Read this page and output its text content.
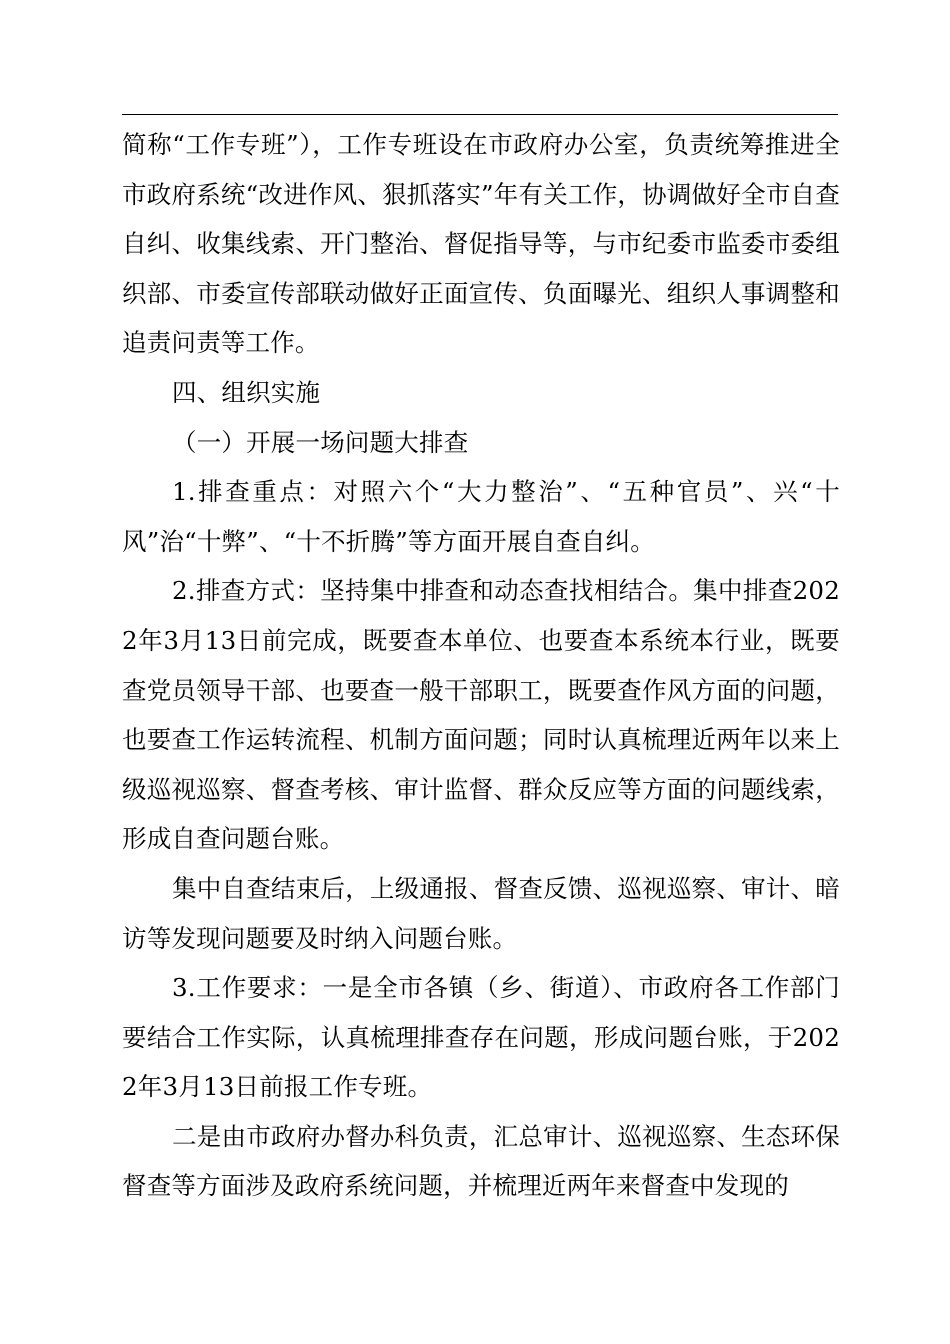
简称“工作专班”），工作专班设在市政府办公室，负责统筹推进全市政府系统“改进作风、狠抓落实”年有关工作，协调做好全市自查自纠、收集线索、开门整治、督促指导等，与市纪委市监委市委组织部、市委宣传部联动做好正面宣传、负面曝光、组织人事调整和追责问责等工作。

四、组织实施

（一）开展一场问题大排查

1.排查重点：对照六个“大力整治”、“五种官员”、兴“十风”治“十弊”、“十不折腾”等方面开展自查自纠。

2.排查方式：坚持集中排查和动态查找相结合。集中排查2022年3月13日前完成，既要查本单位、也要查本系统本行业，既要查党员领导干部、也要查一般干部职工，既要查作风方面的问题，也要查工作运转流程、机制方面问题；同时认真梳理近两年以来上级巡视巡察、督查考核、审计监督、群众反应等方面的问题线索，形成自查问题台账。

集中自查结束后，上级通报、督查反馈、巡视巡察、审计、暗访等发现问题要及时纳入问题台账。

3.工作要求：一是全市各镇（乡、街道）、市政府各工作部门要结合工作实际，认真梳理排查存在问题，形成问题台账，于2022年3月13日前报工作专班。

二是由市政府办督办科负责，汇总审计、巡视巡察、生态环保督查等方面涉及政府系统问题，并梳理近两年来督查中发现的
